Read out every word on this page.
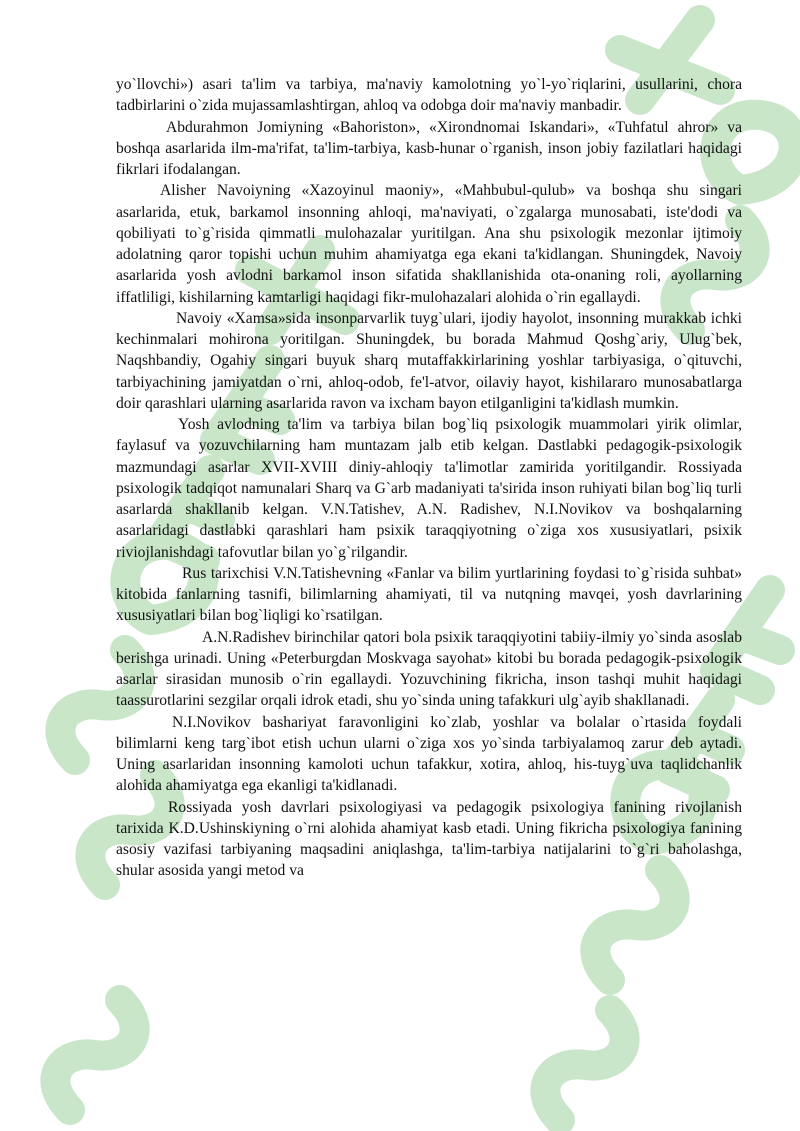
yo`llovchi») asari ta'lim va tarbiya, ma'naviy kamolotning yo`l-yo`riqlarini, usullarini, chora tadbirlarini o`zida mujassamlashtirgan, ahloq va odobga doir ma'naviy manbadir.

Abdurahmon Jomiyning «Bahoriston», «Xirondnomai Iskandari», «Tuhfatul ahror» va boshqa asarlarida ilm-ma'rifat, ta'lim-tarbiya, kasb-hunar o`rganish, inson jobiy fazilatlari haqidagi fikrlari ifodalangan.

Alisher Navoiyning «Xazoyinul maoniy», «Mahbubul-qulub» va boshqa shu singari asarlarida, etuk, barkamol insonning ahloqi, ma'naviyati, o`zgalarga munosabati, iste'dodi va qobiliyati to`g`risida qimmatli mulohazalar yuritilgan. Ana shu psixologik mezonlar ijtimoiy adolatning qaror topishi uchun muhim ahamiyatga ega ekani ta'kidlangan. Shuningdek, Navoiy asarlarida yosh avlodni barkamol inson sifatida shakllanishida ota-onaning roli, ayollarning iffatliligi, kishilarning kamtarligi haqidagi fikr-mulohazalari alohida o`rin egallaydi.

Navoiy «Xamsa»sida insonparvarlik tuyg`ulari, ijodiy hayolot, insonning murakkab ichki kechinmalari mohirona yoritilgan. Shuningdek, bu borada Mahmud Qoshg`ariy, Ulug`bek, Naqshbandiy, Ogahiy singari buyuk sharq mutaffakkirlarining yoshlar tarbiyasiga, o`qituvchi, tarbiyachining jamiyatdan o`rni, ahloq-odob, fe'l-atvor, oilaviy hayot, kishilararo munosabatlarga doir qarashlari ularning asarlarida ravon va ixcham bayon etilganligini ta'kidlash mumkin.

Yosh avlodning ta'lim va tarbiya bilan bog`liq psixologik muammolari yirik olimlar, faylasuf va yozuvchilarning ham muntazam jalb etib kelgan. Dastlabki pedagogik-psixologik mazmundagi asarlar XVII-XVIII diniy-ahloqiy ta'limotlar zamirida yoritilgandir. Rossiyada psixologik tadqiqot namunalari Sharq va G`arb madaniyati ta'sirida inson ruhiyati bilan bog`liq turli asarlarda shakllanib kelgan. V.N.Tatishev, A.N. Radishev, N.I.Novikov va boshqalarning asarlaridagi dastlabki qarashlari ham psixik taraqqiyotning o`ziga xos xususiyatlari, psixik riviojlanishdagi tafovutlar bilan yo`g`rilgandir.

Rus tarixchisi V.N.Tatishevning «Fanlar va bilim yurtlarining foydasi to`g`risida suhbat» kitobida fanlarning tasnifi, bilimlarning ahamiyati, til va nutqning mavqei, yosh davrlarining xususiyatlari bilan bog`liqligi ko`rsatilgan.

A.N.Radishev birinchilar qatori bola psixik taraqqiyotini tabiiy-ilmiy yo`sinda asoslab berishga urinadi. Uning «Peterburgdan Moskvaga sayohat» kitobi bu borada pedagogik-psixologik asarlar sirasidan munosib o`rin egallaydi. Yozuvchining fikricha, inson tashqi muhit haqidagi taassurotlarini sezgilar orqali idrok etadi, shu yo`sinda uning tafakkuri ulg`ayib shakllanadi.

N.I.Novikov bashariyat faravonligini ko`zlab, yoshlar va bolalar o`rtasida foydali bilimlarni keng targ`ibot etish uchun ularni o`ziga xos yo`sinda tarbiyalamoq zarur deb aytadi. Uning asarlaridan insonning kamoloti uchun tafakkur, xotira, ahloq, his-tuyg`uva taqlidchanlik alohida ahamiyatga ega ekanligi ta'kidlanadi.

Rossiyada yosh davrlari psixologiyasi va pedagogik psixologiya fanining rivojlanish tarixida K.D.Ushinskiyning o`rni alohida ahamiyat kasb etadi. Uning fikricha psixologiya fanining asosiy vazifasi tarbiyaning maqsadini aniqlashga, ta'lim-tarbiya natijalarini to`g`ri baholashga, shular asosida yangi metod va
